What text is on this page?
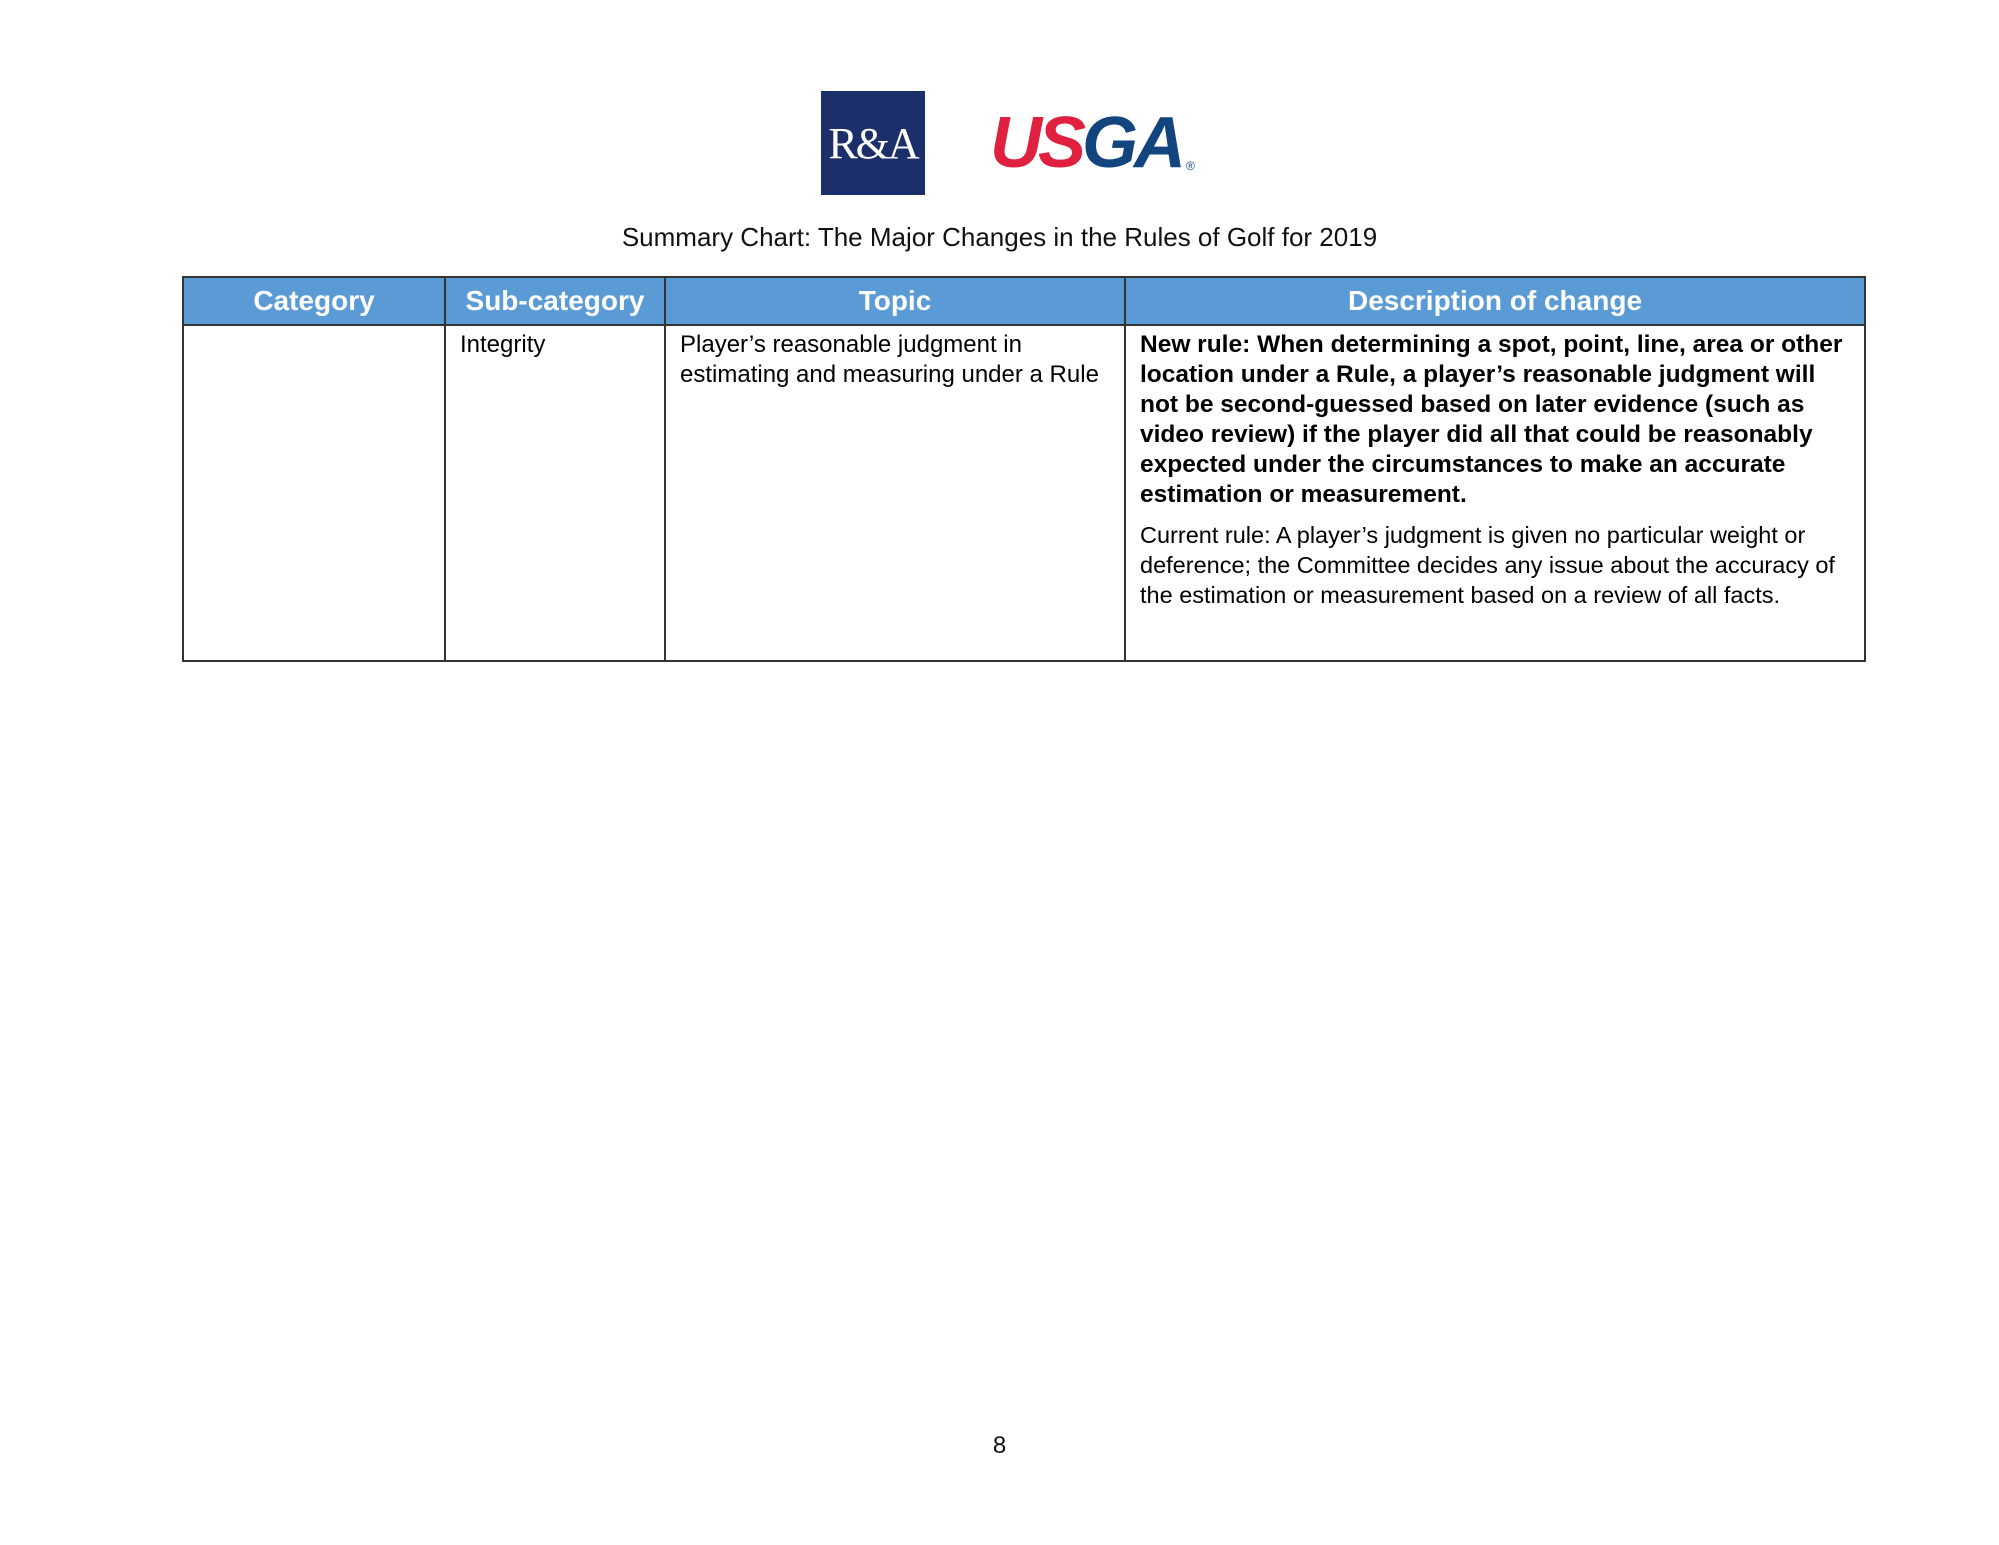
R&A US GA ®
Summary Chart: The Major Changes in the Rules of Golf for 2019
Category	Sub-category	Topic	Description of change
	Integrity	Player’s reasonable judgment in estimating and measuring under a Rule	New rule: When determining a spot, point, line, area or other location under a Rule, a player’s reasonable judgment will not be second-guessed based on later evidence (such as video review) if the player did all that could be reasonably expected under the circumstances to make an accurate estimation or measurement.

Current rule: A player’s judgment is given no particular weight or deference; the Committee decides any issue about the accuracy of the estimation or measurement based on a review of all facts.

8
